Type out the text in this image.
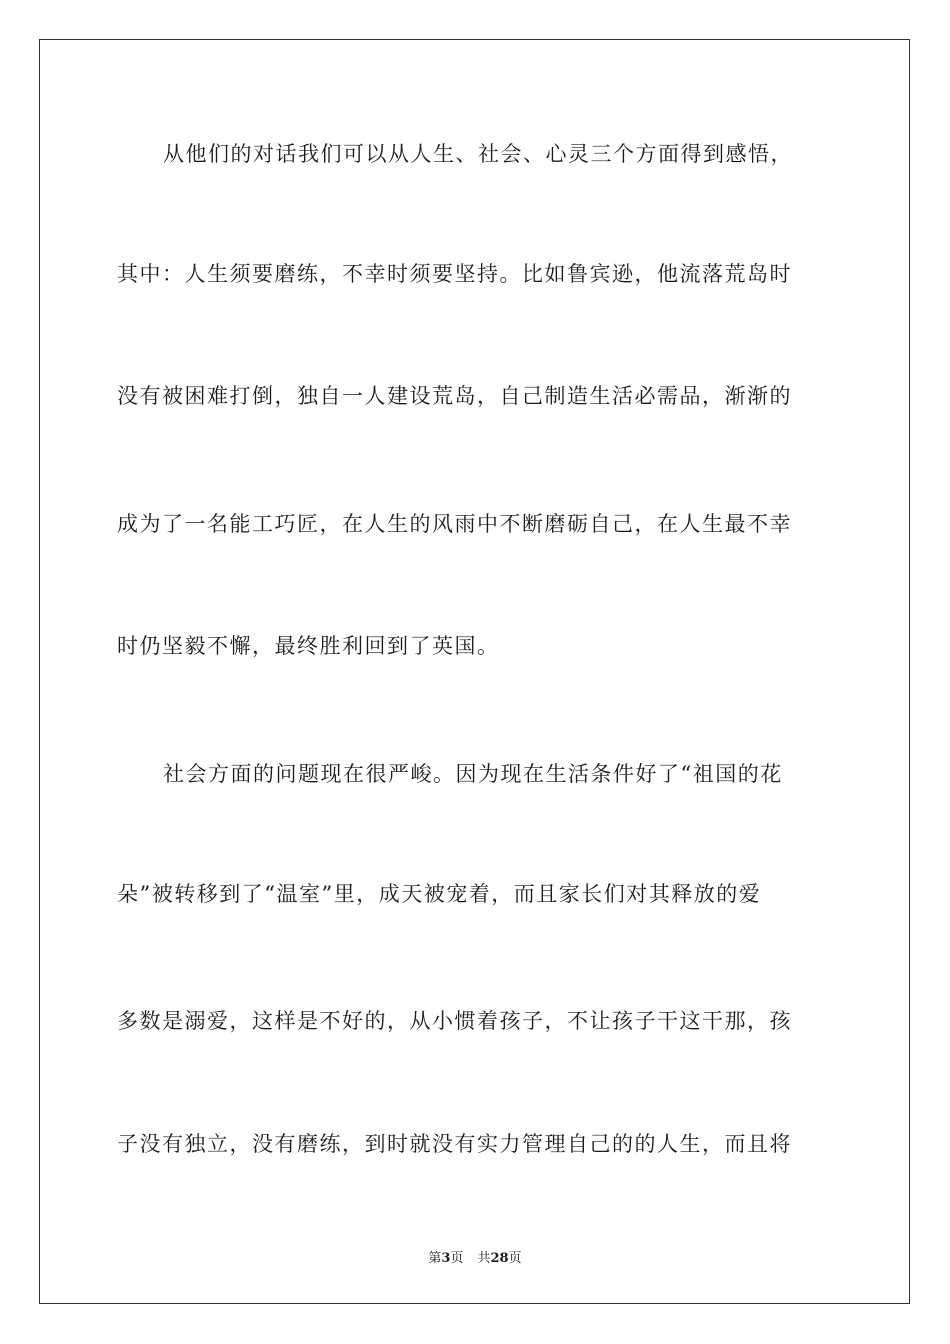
从他们的对话我们可以从人生、社会、心灵三个方面得到感悟，
其中：人生须要磨练，不幸时须要坚持。比如鲁宾逊，他流落荒岛时
没有被困难打倒，独自一人建设荒岛，自己制造生活必需品，渐渐的
成为了一名能工巧匠，在人生的风雨中不断磨砺自己，在人生最不幸
时仍坚毅不懈，最终胜利回到了英国。
社会方面的问题现在很严峻。因为现在生活条件好了“祖国的花
朵”被转移到了“温室”里，成天被宠着，而且家长们对其释放的爱
多数是溺爱，这样是不好的，从小惯着孩子，不让孩子干这干那，孩
子没有独立，没有磨练，到时就没有实力管理自己的的人生，而且将
第3页 共28页
